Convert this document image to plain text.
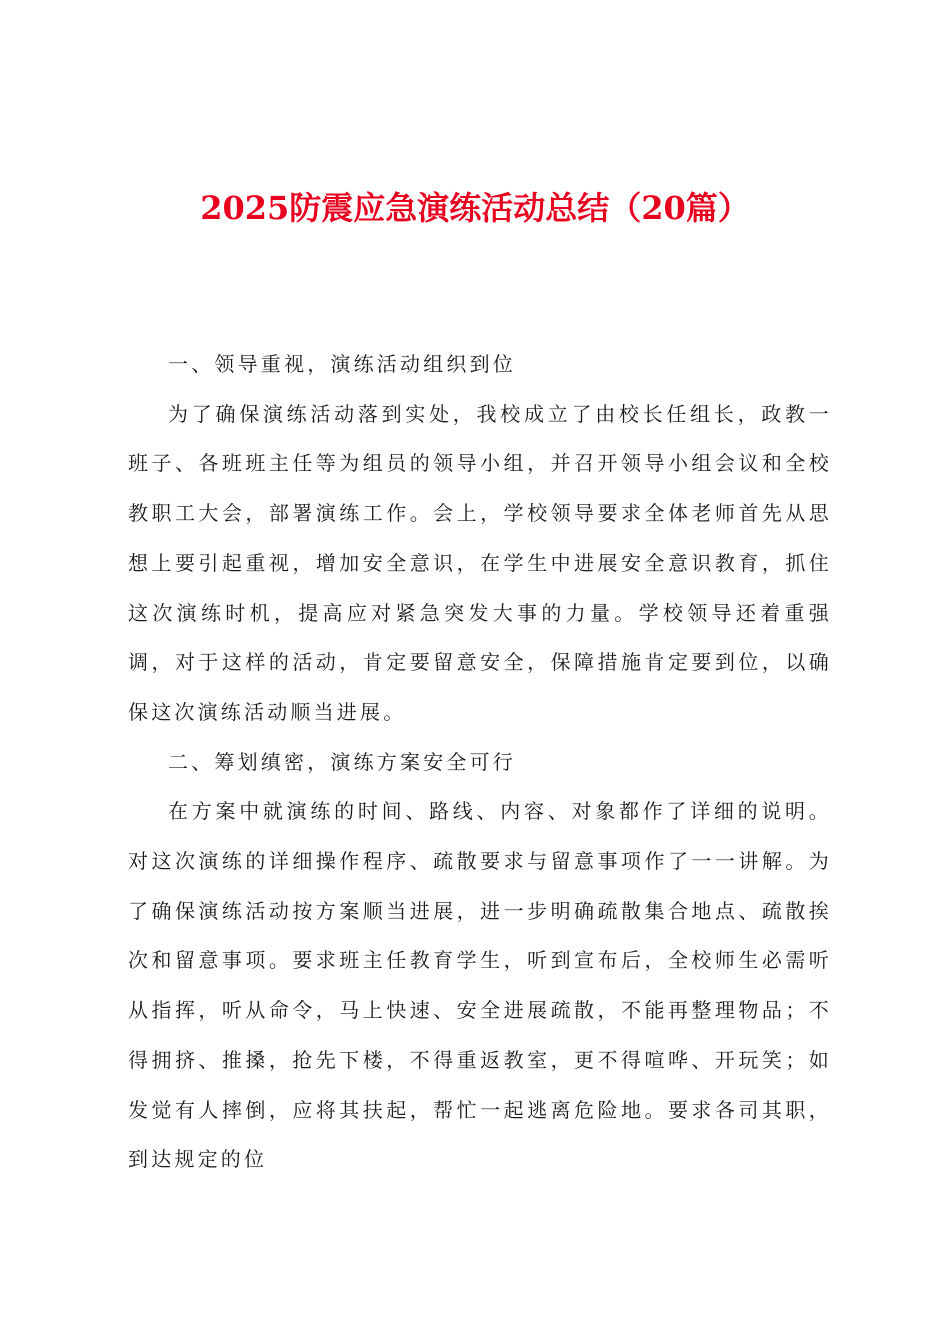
2025防震应急演练活动总结（20篇）

一、领导重视，演练活动组织到位

为了确保演练活动落到实处，我校成立了由校长任组长，政教一班子、各班班主任等为组员的领导小组，并召开领导小组会议和全校教职工大会，部署演练工作。会上，学校领导要求全体老师首先从思想上要引起重视，增加安全意识，在学生中进展安全意识教育，抓住这次演练时机，提高应对紧急突发大事的力量。学校领导还着重强调，对于这样的活动，肯定要留意安全，保障措施肯定要到位，以确保这次演练活动顺当进展。

二、筹划缜密，演练方案安全可行

在方案中就演练的时间、路线、内容、对象都作了详细的说明。对这次演练的详细操作程序、疏散要求与留意事项作了一一讲解。为了确保演练活动按方案顺当进展，进一步明确疏散集合地点、疏散挨次和留意事项。要求班主任教育学生，听到宣布后，全校师生必需听从指挥，听从命令，马上快速、安全进展疏散，不能再整理物品；不得拥挤、推搡，抢先下楼，不得重返教室，更不得喧哗、开玩笑；如发觉有人摔倒，应将其扶起，帮忙一起逃离危险地。要求各司其职，到达规定的位
